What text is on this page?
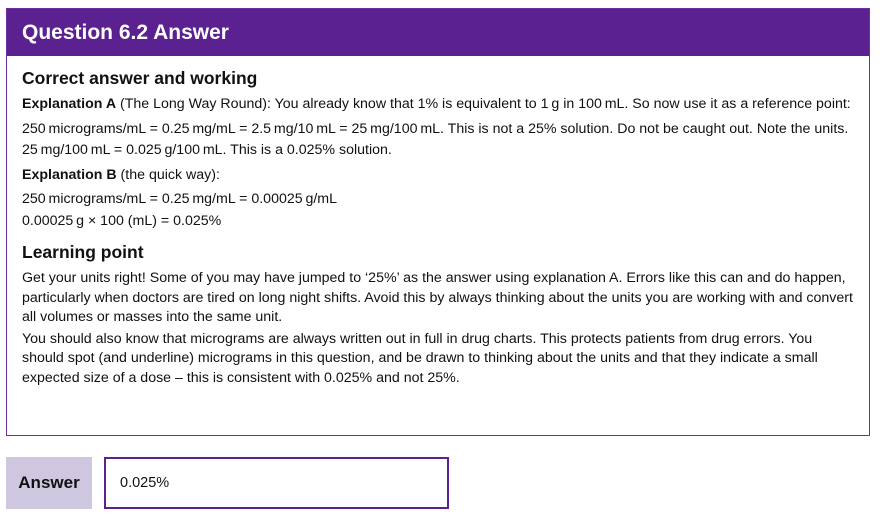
Question 6.2 Answer
Correct answer and working

Explanation A (The Long Way Round): You already know that 1% is equivalent to 1 g in 100 mL. So now use it as a reference point:

250 micrograms/mL = 0.25 mg/mL = 2.5 mg/10 mL = 25 mg/100 mL. This is not a 25% solution. Do not be caught out. Note the units.

25 mg/100 mL = 0.025 g/100 mL. This is a 0.025% solution.

Explanation B (the quick way):

250 micrograms/mL = 0.25 mg/mL = 0.00025 g/mL

0.00025 g × 100 (mL) = 0.025%

Learning point

Get your units right! Some of you may have jumped to ‘25%’ as the answer using explanation A. Errors like this can and do happen, particularly when doctors are tired on long night shifts. Avoid this by always thinking about the units you are working with and convert all volumes or masses into the same unit.

You should also know that micrograms are always written out in full in drug charts. This protects patients from drug errors. You should spot (and underline) micrograms in this question, and be drawn to thinking about the units and that they indicate a small expected size of a dose – this is consistent with 0.025% and not 25%.

Answer	0.025%
